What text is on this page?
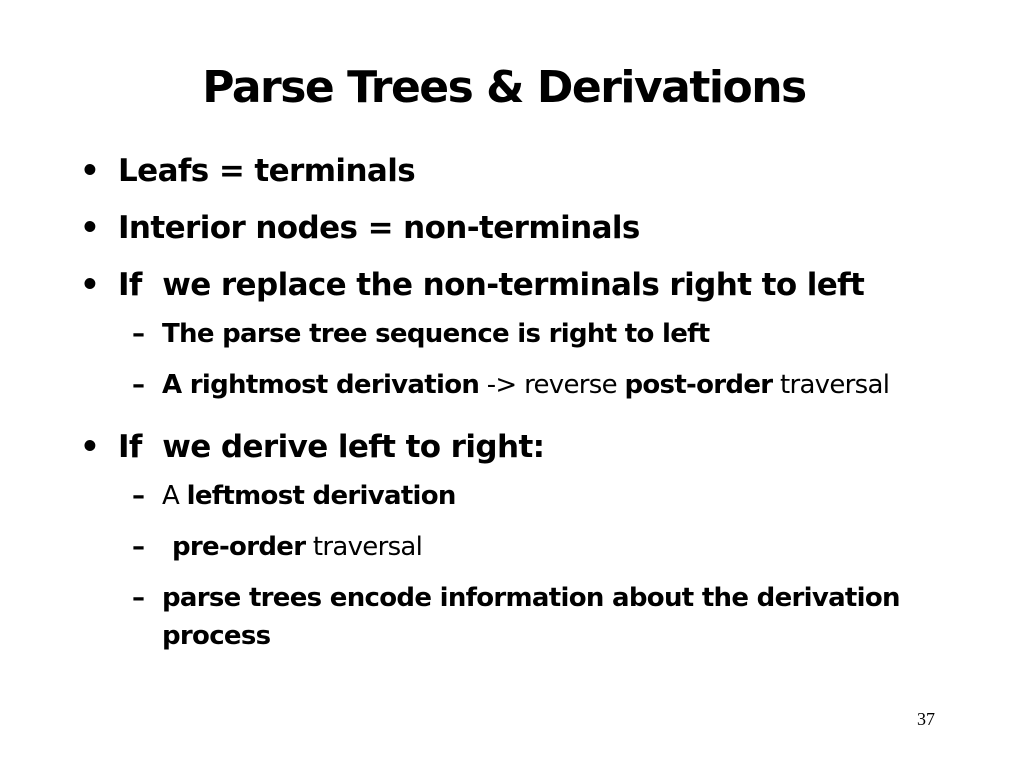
Parse Trees & Derivations
• Leafs = terminals
• Interior nodes = non-terminals
• If  we replace the non-terminals right to left
– The parse tree sequence is right to left
– A rightmost derivation -> reverse post-order traversal
• If  we derive left to right:
– A leftmost derivation
– pre-order traversal
– parse trees encode information about the derivation process
37
